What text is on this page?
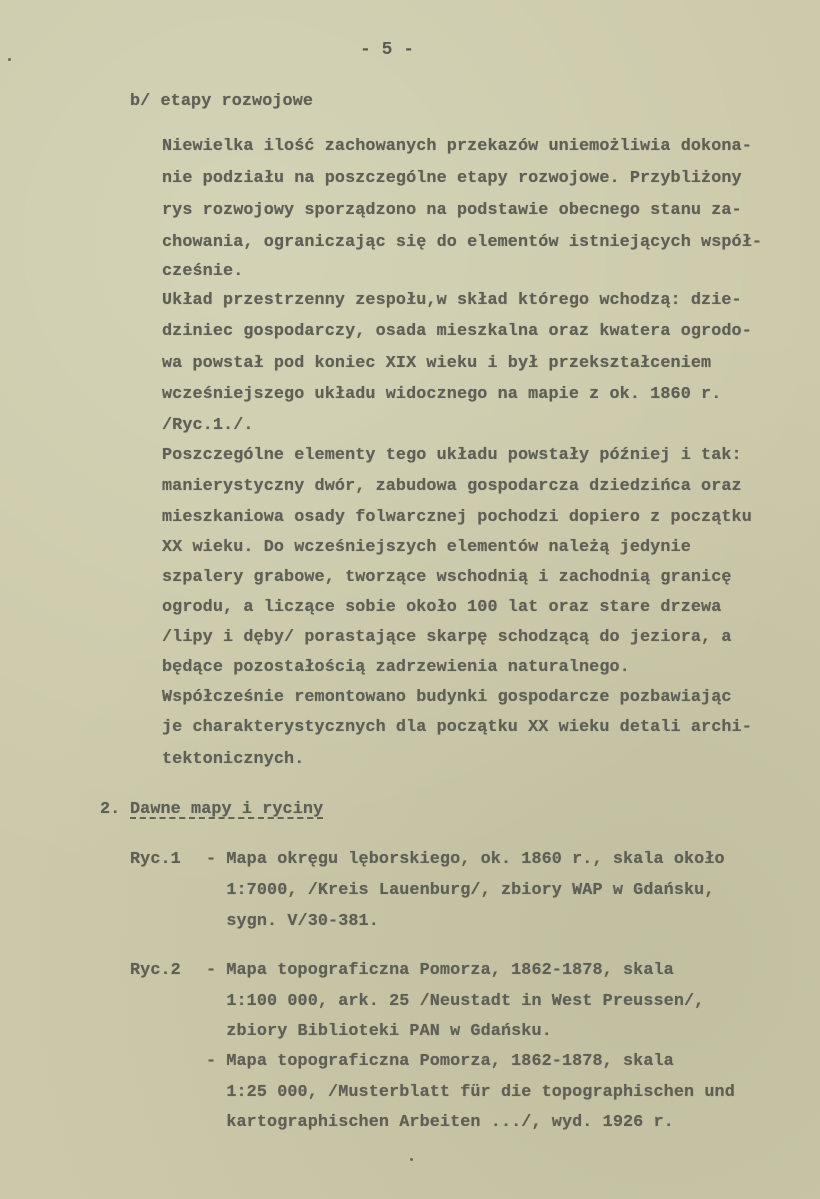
- 5 -
b/ etapy rozwojowe
Niewielka ilość zachowanych przekazów uniemożliwia dokona-
nie podziału na poszczególne etapy rozwojowe. Przybliżony
rys rozwojowy sporządzono na podstawie obecnego stanu za-
chowania, ograniczając się do elementów istniejących współ-
cześnie.
Układ przestrzenny zespołu,w skład którego wchodzą: dzie-
dziniec gospodarczy, osada mieszkalna oraz kwatera ogrodo-
wa powstał pod koniec XIX wieku i był przekształceniem
wcześniejszego układu widocznego na mapie z ok. 1860 r.
/Ryc.1./.
Poszczególne elementy tego układu powstały później i tak:
manierystyczny dwór, zabudowa gospodarcza dziedzińca oraz
mieszkaniowa osady folwarcznej pochodzi dopiero z początku
XX wieku. Do wcześniejszych elementów należą jedynie
szpalery grabowe, tworzące wschodnią i zachodnią granicę
ogrodu, a liczące sobie około 100 lat oraz stare drzewa
/lipy i dęby/ porastające skarpę schodzącą do jeziora, a
będące pozostałością zadrzewienia naturalnego.
Współcześnie remontowano budynki gospodarcze pozbawiając
je charakterystycznych dla początku XX wieku detali archi-
tektonicznych.
2. Dawne mapy i ryciny
Ryc.1 - Mapa okręgu lęborskiego, ok. 1860 r., skala około
1:7000, /Kreis Lauenburg/, zbiory WAP w Gdańsku,
sygn. V/30-381.
Ryc.2 - Mapa topograficzna Pomorza, 1862-1878, skala
1:100 000, ark. 25 /Neustadt in West Preussen/,
zbiory Biblioteki PAN w Gdańsku.
- Mapa topograficzna Pomorza, 1862-1878, skala
1:25 000, /Musterblatt für die topographischen und
kartographischen Arbeiten .../, wyd. 1926 r.
